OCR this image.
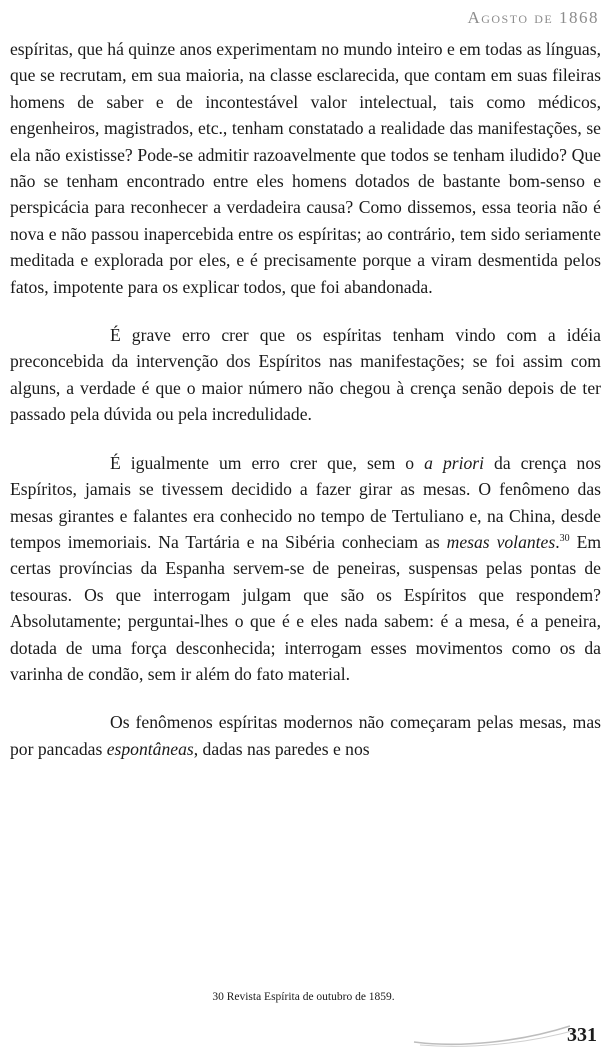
Agosto de 1868

espíritas, que há quinze anos experimentam no mundo inteiro e em todas as línguas, que se recrutam, em sua maioria, na classe esclarecida, que contam em suas fileiras homens de saber e de incontestável valor intelectual, tais como médicos, engenheiros, magistrados, etc., tenham constatado a realidade das manifestações, se ela não existisse? Pode-se admitir razoavelmente que todos se tenham iludido? Que não se tenham encontrado entre eles homens dotados de bastante bom-senso e perspicácia para reconhecer a verdadeira causa? Como dissemos, essa teoria não é nova e não passou inapercebida entre os espíritas; ao contrário, tem sido seriamente meditada e explorada por eles, e é precisamente porque a viram desmentida pelos fatos, impotente para os explicar todos, que foi abandonada.

É grave erro crer que os espíritas tenham vindo com a idéia preconcebida da intervenção dos Espíritos nas manifestações; se foi assim com alguns, a verdade é que o maior número não chegou à crença senão depois de ter passado pela dúvida ou pela incredulidade.

É igualmente um erro crer que, sem o a priori da crença nos Espíritos, jamais se tivessem decidido a fazer girar as mesas. O fenômeno das mesas girantes e falantes era conhecido no tempo de Tertuliano e, na China, desde tempos imemoriais. Na Tartária e na Sibéria conheciam as mesas volantes.$^{30}$ Em certas províncias da Espanha servem-se de peneiras, suspensas pelas pontas de tesouras. Os que interrogam julgam que são os Espíritos que respondem? Absolutamente; perguntai-lhes o que é e eles nada sabem: é a mesa, é a peneira, dotada de uma força desconhecida; interrogam esses movimentos como os da varinha de condão, sem ir além do fato material.

Os fenômenos espíritas modernos não começaram pelas mesas, mas por pancadas espontâneas, dadas nas paredes e nos

30 Revista Espírita de outubro de 1859.
331
